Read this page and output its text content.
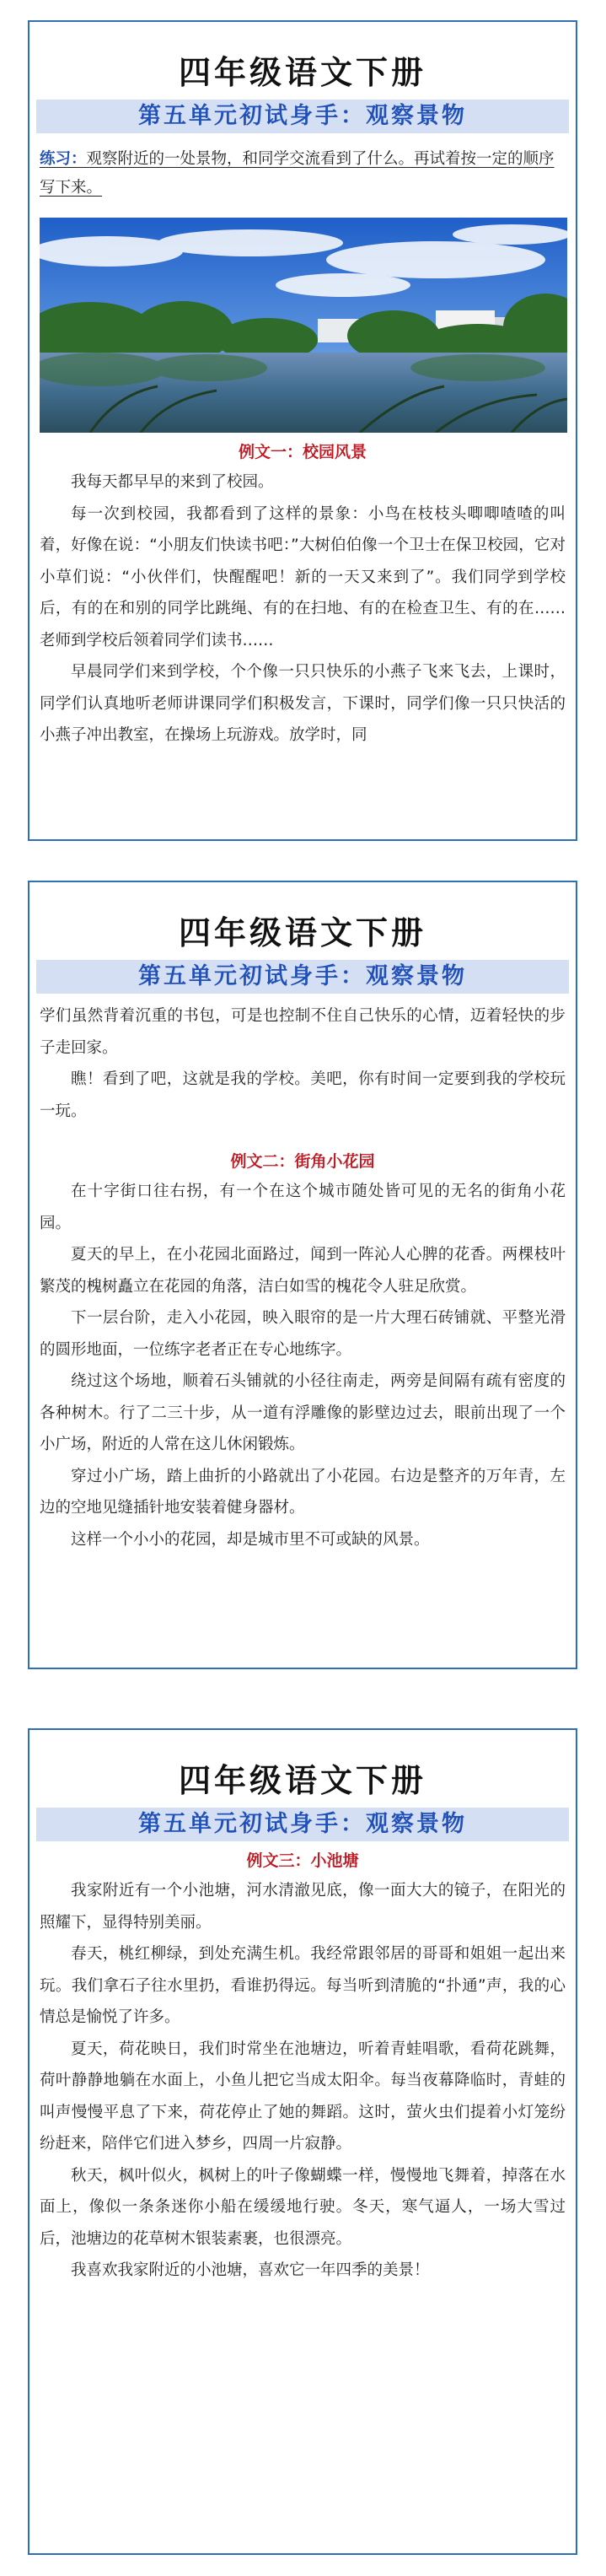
四年级语文下册
第五单元初试身手：观察景物
练习：观察附近的一处景物，和同学交流看到了什么。再试着按一定的顺序写下来。
例文一：校园风景

我每天都早早的来到了校园。

每一次到校园，我都看到了这样的景象：小鸟在枝枝头唧唧喳喳的叫着，好像在说：“小朋友们快读书吧：”大树伯伯像一个卫士在保卫校园，它对小草们说：“小伙伴们，快醒醒吧！新的一天又来到了”。我们同学到学校后，有的在和别的同学比跳绳、有的在扫地、有的在检查卫生、有的在……老师到学校后领着同学们读书……

早晨同学们来到学校，个个像一只只快乐的小燕子飞来飞去，上课时，同学们认真地听老师讲课同学们积极发言，下课时，同学们像一只只快活的小燕子冲出教室，在操场上玩游戏。放学时，同

四年级语文下册
第五单元初试身手：观察景物

学们虽然背着沉重的书包，可是也控制不住自己快乐的心情，迈着轻快的步子走回家。

瞧！看到了吧，这就是我的学校。美吧，你有时间一定要到我的学校玩一玩。

例文二：街角小花园

在十字街口往右拐，有一个在这个城市随处皆可见的无名的街角小花园。

夏天的早上，在小花园北面路过，闻到一阵沁人心脾的花香。两棵枝叶繁茂的槐树矗立在花园的角落，洁白如雪的槐花令人驻足欣赏。

下一层台阶，走入小花园，映入眼帘的是一片大理石砖铺就、平整光滑的圆形地面，一位练字老者正在专心地练字。

绕过这个场地，顺着石头铺就的小径往南走，两旁是间隔有疏有密度的各种树木。行了二三十步，从一道有浮雕像的影壁边过去，眼前出现了一个小广场，附近的人常在这儿休闲锻炼。

穿过小广场，踏上曲折的小路就出了小花园。右边是整齐的万年青，左边的空地见缝插针地安装着健身器材。

这样一个小小的花园，却是城市里不可或缺的风景。

四年级语文下册
第五单元初试身手：观察景物
例文三：小池塘

我家附近有一个小池塘，河水清澈见底，像一面大大的镜子，在阳光的照耀下，显得特别美丽。

春天，桃红柳绿，到处充满生机。我经常跟邻居的哥哥和姐姐一起出来玩。我们拿石子往水里扔，看谁扔得远。每当听到清脆的“扑通”声，我的心情总是愉悦了许多。

夏天，荷花映日，我们时常坐在池塘边，听着青蛙唱歌，看荷花跳舞，荷叶静静地躺在水面上，小鱼儿把它当成太阳伞。每当夜幕降临时，青蛙的叫声慢慢平息了下来，荷花停止了她的舞蹈。这时，萤火虫们提着小灯笼纷纷赶来，陪伴它们进入梦乡，四周一片寂静。

秋天，枫叶似火，枫树上的叶子像蝴蝶一样，慢慢地飞舞着，掉落在水面上，像似一条条迷你小船在缓缓地行驶。冬天，寒气逼人，一场大雪过后，池塘边的花草树木银装素裹，也很漂亮。

我喜欢我家附近的小池塘，喜欢它一年四季的美景！
